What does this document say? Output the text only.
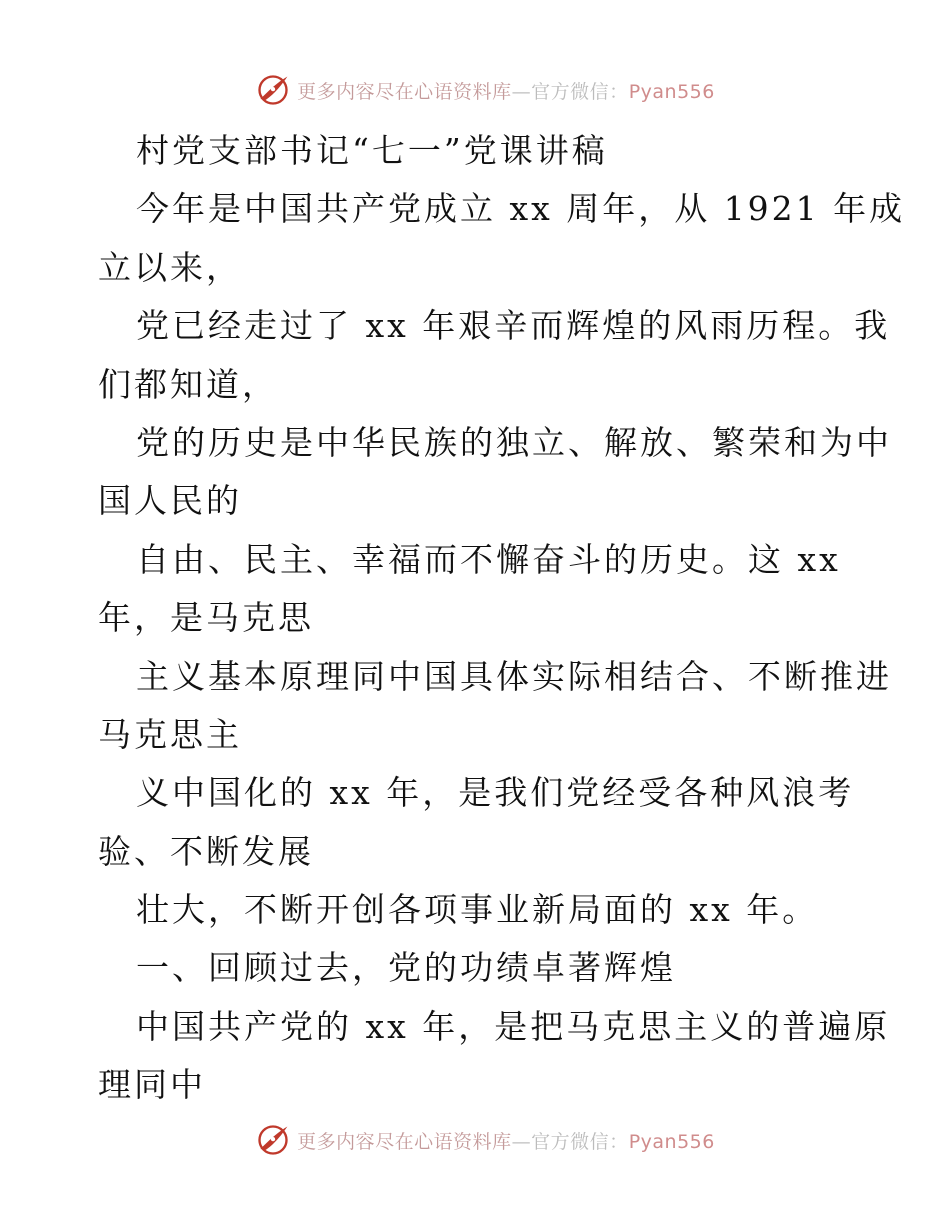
更多内容尽在心语资料库—官方微信：Pyan556
村党支部书记“七一”党课讲稿
今年是中国共产党成立 xx 周年，从 1921 年成
立以来，
党已经走过了 xx 年艰辛而辉煌的风雨历程。我
们都知道，
党的历史是中华民族的独立、解放、繁荣和为中
国人民的
自由、民主、幸福而不懈奋斗的历史。这 xx
年，是马克思
主义基本原理同中国具体实际相结合、不断推进
马克思主
义中国化的 xx 年，是我们党经受各种风浪考
验、不断发展
壮大，不断开创各项事业新局面的 xx 年。
一、回顾过去，党的功绩卓著辉煌
中国共产党的 xx 年，是把马克思主义的普遍原
理同中
更多内容尽在心语资料库—官方微信：Pyan556
